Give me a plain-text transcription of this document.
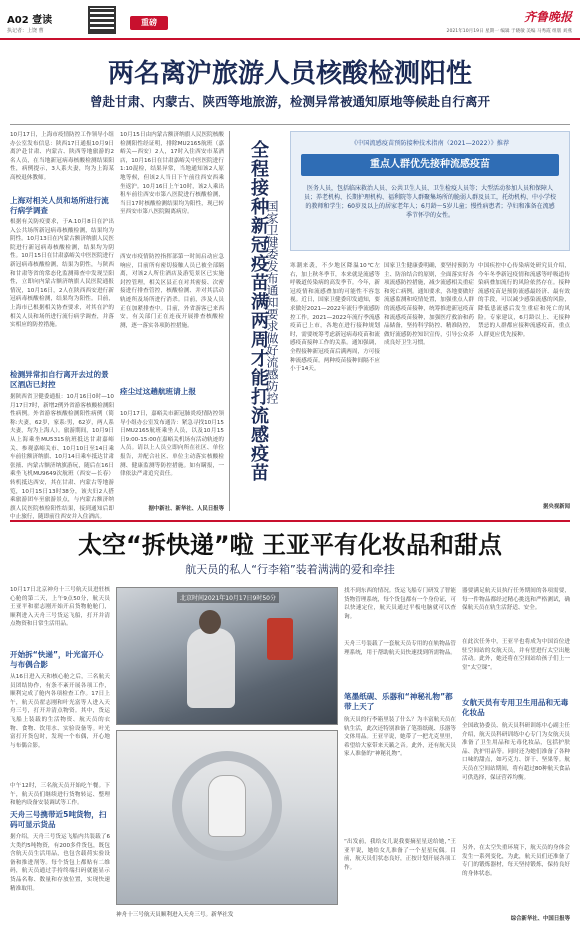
A02 壹读
执记者：上饶 曹
重磅	齐鲁晚报
2021年10月19日 星期一 编辑 于晓敏 美编 马秀霞 组版 刘燕
两名离沪旅游人员核酸检测阳性
曾赴甘肃、内蒙古、陕西等地旅游，检测异常被通知原地等候赴自行离开
10月17日，上海市疫情防控工作领导小组办公室发布信息：陕西17日通报10月9日离沪赴甘肃、内蒙古、陕西等地旅游的2名人员，在当地新冠病毒核酸检测结果阳性，病例提示，3人系夫妻，均为上海某高校退休教师。
上海对相关人员和场所进行流行病学调查
根据有关防疫要求，于A.10月8日在沪出入公共场所新冠病毒核酸检测，结果均为阴性。10月13日在内蒙古额济纳旗人民医院进行新冠病毒核酸检测，结果均为阴性。10月15日在甘肃嘉峪关中医医院进行新冠病毒核酸检测，结果为阴性，与陕西和甘肃等省的常态化监测筛查中发现呈阳性，立即向内蒙古额济纳旗人民医院通报情况，10月16日，2人在陕西西安进行新冠病毒核酸检测，结果均为阳性。目前，上海市已根据相关协查要求，对其在沪的相关人员和场所进行流行病学调查，并落实相应的防控措施。
检测异常扣自行离开去过的景区酒店已封控
据陕西省卫健委通报：10月16日0时—10月17日7时，新增2例外省游客核酸检测阳性病例。外省游客核酸检测阳性病例（简称:夫妻，62岁，家系:男，62岁，两人系夫妻，均为上海人）。旅游期间，10月9日从上海乘坐MU5315航班抵达甘肃嘉峪关、参观嘉峪关市、10月10日至14日乘车前往额济纳旗、10月14日乘车抵达甘肃张掖、内蒙古额济纳旗游玩，随后在16日乘坐飞机MU9649次航班（西安—长春）转机抵达西安，其在甘肃、内蒙古等地游览，10月15日13时38分，该夫妇2人搭乘旅游团车至旅游景点，与内蒙古额济纳旗人民医院核检阳性结果，接到通知后即中止旅行，随即前往西安并入住酒店。
10月15日由内蒙古额济纳旗人民医院核酸检测阳性经证明，排除MU2165航班（嘉峪关—西安）2人，17时入住西安市某酒店，10月16日在甘肃嘉峪关中医医院进行1:10混检，结果异常，当地通知该2人原地等候，但该2人当日下午前往西安西乘坐返沪。10月16日上午10时，该2人乘出租车前往西安市第八医院进行核酸检测，当日17时核酸检测结果均为阳性，现已转至西安市第八医院隔离病房。
西安市疫情防控指挥部第一时间启动应急响应，目前所有密切接触人员已被全部隔离，对该2人所住酒店及游览景区已实施封控管理，相关区县正在对其密接、次密接进行排查管控，核酸检测、并对其活动轨迹所及场所进行消杀。目前，涉及人员正在加紧排查中。目前，外省游客已来西安，有关部门正在连夜开展排查核酸检测，逐一落实各项防控措施。
痊尘过这趟航班请上报
10月17日，嘉峪关市新冠肺炎疫情防控领导小组办公室发布通告：紧急寻找10月15日MU2165航班乘坐人员，以及10月15日9:00-15:00在嘉峪关机场有活动轨迹的人员。请以上人员立即向所在社区、单位报告，并配合社区、单位主动落实核酸检测、健康监测等防控措施。如有瞒报，一律依法严肃追究责任。
据中新社、新华社、人民日报等
全程接种新冠疫苗满两周才能打流感疫苗
国家卫健委发布通知要求做好流感防控
《中国流感疫苗预防接种技术指南（2021—2022）》推荐
重点人群优先接种流感疫苗
医务人员，包括临床救治人员、公共卫生人员、卫生检疫人员等；大型活动参加人员和保障人员；养老机构、长期护理机构、福利院等人群聚集场所的脆弱人群及员工，托幼机构、中小学校的教师和学生；60岁及以上的居家老年人；6月龄～5岁儿童；慢性病患者；孕妇和准备在流感季节怀孕的女性。
寒潮来袭，不少地区降温10℃左右，加上秋冬季节，本来就是流感等呼吸道传染病的高发季节。今年，新冠疫情和流感叠加的可能性不容忽视。近日，国家卫健委印发通知，要求做好2021—2022年流行季流感防控工作。2021—2022年流行季流感疫苗已上市，各地在进行接种规划时，需要统筹考虑新冠病毒疫苗和流感疫苗接种工作的关系。通知强调，全程接种新冠疫苗后满两周，方可接种流感疫苗。两种疫苗接种间隔不应小于14天。
国家卫生健康委明确，要坚持预防为主、防治结合的原则，全面落实好各项流感防控措施，减少流感相关重症和死亡病例。通知要求，各地要做好流感监测和疫情处置，加强重点人群的流感疫苗接种，统筹推进新冠疫苗和流感疫苗接种，加强医疗救治和药品储备，坚持科学防控、精准防控，做好流感防控知识宣传，引导公众养成良好卫生习惯。
中国疾控中心传染病处研究员介绍，今年冬季新冠疫情和流感等呼吸道传染病叠加流行的风险依然存在。接种流感疫苗是预防流感最经济、最有效的手段，可以减少感染流感的风险，降低患流感后发生重症和死亡的风险。专家建议，6月龄以上、无接种禁忌的人群都应接种流感疫苗，重点人群更应优先接种。
据央视新闻
太空“拆快递”啦 王亚平有化妆品和甜点
航天员的私人“行李箱”装着满满的爱和牵挂
10月17日北京神舟十三号航天员进驻核心舱的第二天，上午9点50分，航天员王亚平和翟志刚开始开启货物舱舱门，顺利进入天舟三号货运飞船，打开并清点物资和日常生活用品。
开始拆“快递”，叶光富开心与布偶合影
从16日进入天和核心舱之后，三名航天员团结协作，有条不紊开展各项工作，顺利完成了舱内各项检查工作。17日上午，航天员翟志刚和叶光富等人进入天舟三号，打开并清点物资。其中，货运飞船上装载的生活物资、航天员的衣物、食物、饮用水、实验设备等。叶光富打开货包时，发现一个布偶，开心地与布偶合影。
中午12时，三名航天员开始吃午餐。下午，航天员们继续进行货物转运、整理和舱内设备安装调试等工作。
天舟三号携带近5吨货物，扫码可显示货品
据介绍，天舟三号货运飞船内共装载了6大类约5吨物资，有200多件货包，既包含航天员生活用品，也包含载荷实验设备和推进剂等。每个货包上都贴有二维码，航天员通过手持终端扫码就能显示货品名称、数量和存放位置，实现快速精准取用。
北京时间2021年10月17日9时50分
神舟十三号航天员顺利进入天舟三号。新华社发
找不到东西的情况。货运飞船专门研发了智能货物管理系统，每个货包都有一个身份证，可以快速定位，航天员通过平板电脑就可以查询。
天舟三号装载了一套航天员专用的在轨物品管理系统，用于帮助航天员快速找到所需物品。
笔墨纸砚、乐器和“神秘礼物”都带上天了
航天员的行李箱里装了什么？为丰富航天员在轨生活，此次还特别准备了笔墨纸砚、乐器等文体用品。王亚平说，她带了一把尤克里里，希望给大家带来天籁之音。此外，还有航天员家人准备的“神秘礼物”。
“出发前，我给女儿说我要摘星星送给她，”王亚平说，她给女儿准备了一个星星玩偶。目前，航天员们状态良好，正按计划开展各项工作。
器要满足航天员执行任务期间的各项需要，每一件物品都经过精心挑选和严格测试，确保航天员在轨生活舒适、安全。
在此次任务中，王亚平也将成为中国首位进驻空间站的女航天员，并有望进行太空出舱活动。此外，她还将在空间站给孩子们上一堂“太空课”。
女航天员有专用卫生用品和无毒化妆品
全国政协委员、航天员科研训练中心副主任介绍，航天员科研训练中心专门为女航天员准备了卫生用品和无毒化妆品，包括护肤品、洗护用品等。同时还为她们准备了各种口味的甜点，如巧克力、饼干、坚果等。航天员在空间站期间，将有超过80种航天食品可供选择，保证营养均衡。
另外，在太空失重环境下，航天员的身体会发生一系列变化，为此，航天员们还准备了专门的锻炼器材，每天坚持锻炼，保持良好的身体状态。
综合新华社、中国日报等
